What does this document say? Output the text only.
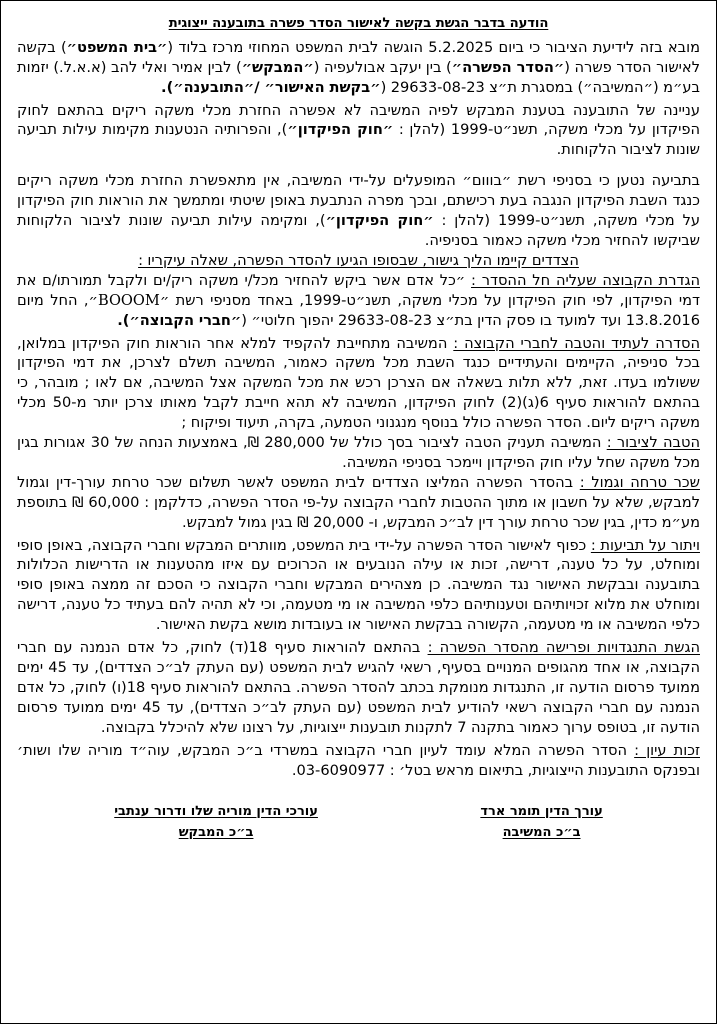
הודעה בדבר הגשת בקשה לאישור הסדר פשרה בתובענה ייצוגית
מובא בזה לידיעת הציבור כי ביום 5.2.2025 הוגשה לבית המשפט המחוזי מרכז בלוד (״בית המשפט״) בקשה לאישור הסדר פשרה (״הסדר הפשרה״) בין יעקב אבולעפיה (״המבקש״) לבין אמיר ואלי להב (א.א.ל.) יזמות בע״מ (״המשיבה״) במסגרת ת״צ 29633-08-23 (״בקשת האישור״ /״התובענה״).
עניינה של התובענה בטענת המבקש לפיה המשיבה לא אפשרה החזרת מכלי משקה ריקים בהתאם לחוק הפיקדון על מכלי משקה, תשנ״ט-1999 (להלן : ״חוק הפיקדון״), והפרותיה הנטענות מקימות עילות תביעה שונות לציבור הלקוחות.
בתביעה נטען כי בסניפי רשת ״בווום״ המופעלים על-ידי המשיבה, אין מתאפשרת החזרת מכלי משקה ריקים כנגד השבת הפיקדון הנגבה בעת רכישתם, ובכך מפרה הנתבעת באופן שיטתי ומתמשך את הוראות חוק הפיקדון על מכלי משקה, תשנ״ט-1999 (להלן : ״חוק הפיקדון״), ומקימה עילות תביעה שונות לציבור הלקוחות שביקשו להחזיר מכלי משקה כאמור בסניפיה.
הצדדים קיימו הליך גישור, שבסופו הגיעו להסדר הפשרה, שאלה עיקריו :
הגדרת הקבוצה שעליה חל ההסדר : ״כל אדם אשר ביקש להחזיר מכל/י משקה ריק/ים ולקבל תמורתו/ם את דמי הפיקדון, לפי חוק הפיקדון על מכלי משקה, תשנ״ט-1999, באחד מסניפי רשת ״BOOOM״, החל מיום 13.8.2016 ועד למועד בו פסק הדין בת״צ 29633-08-23 יהפוך חלוטי״ (״חברי הקבוצה״).
הסדרה לעתיד והטבה לחברי הקבוצה : המשיבה מתחייבת להקפיד למלא אחר הוראות חוק הפיקדון במלואן, בכל סניפיה, הקיימים והעתידיים כנגד השבת מכל משקה כאמור, המשיבה תשלם לצרכן, את דמי הפיקדון ששולמו בעדו. זאת, ללא תלות בשאלה אם הצרכן רכש את מכל המשקה אצל המשיבה, אם לאו ; מובהר, כי בהתאם להוראות סעיף 6(ג)(2) לחוק הפיקדון, המשיבה לא תהא חייבת לקבל מאותו צרכן יותר מ-50 מכלי משקה ריקים ליום. הסדר הפשרה כולל בנוסף מנגנוני הטמעה, בקרה, תיעוד ופיקוח ;
הטבה לציבור : המשיבה תעניק הטבה לציבור בסך כולל של 280,000 ₪, באמצעות הנחה של 30 אגורות בגין מכל משקה שחל עליו חוק הפיקדון ויימכר בסניפי המשיבה.
שכר טרחה וגמול : בהסדר הפשרה המליצו הצדדים לבית המשפט לאשר תשלום שכר טרחת עורך-דין וגמול למבקש, שלא על חשבון או מתוך ההטבות לחברי הקבוצה על-פי הסדר הפשרה, כדלקמן : 60,000 ₪ בתוספת מע״מ כדין, בגין שכר טרחת עורך דין לב״כ המבקש, ו- 20,000 ₪ בגין גמול למבקש.
ויתור על תביעות : כפוף לאישור הסדר הפשרה על-ידי בית המשפט, מוותרים המבקש וחברי הקבוצה, באופן סופי ומוחלט, על כל טענה, דרישה, זכות או עילה הנובעים או הכרוכים עם איזו מהטענות או הדרישות הכלולות בתובענה ובבקשת האישור נגד המשיבה. כן מצהירים המבקש וחברי הקבוצה כי הסכם זה ממצה באופן סופי ומוחלט את מלוא זכויותיהם וטענותיהם כלפי המשיבה או מי מטעמה, וכי לא תהיה להם בעתיד כל טענה, דרישה כלפי המשיבה או מי מטעמה, הקשורה בבקשת האישור או בעובדות מושא בקשת האישור.
הגשת התנגדויות ופרישה מהסדר הפשרה : בהתאם להוראות סעיף 18(ד) לחוק, כל אדם הנמנה עם חברי הקבוצה, או אחד מהגופים המנויים בסעיף, רשאי להגיש לבית המשפט (עם העתק לב״כ הצדדים), עד 45 ימים ממועד פרסום הודעה זו, התנגדות מנומקת בכתב להסדר הפשרה. בהתאם להוראות סעיף 18(ו) לחוק, כל אדם הנמנה עם חברי הקבוצה רשאי להודיע לבית המשפט (עם העתק לב״כ הצדדים), עד 45 ימים ממועד פרסום הודעה זו, בטופס ערוך כאמור בתקנה 7 לתקנות תובענות ייצוגיות, על רצונו שלא להיכלל בקבוצה.
זכות עיון : הסדר הפשרה המלא עומד לעיון חברי הקבוצה במשרדי ב״כ המבקש, עוה״ד מוריה שלו ושות׳ ובפנקס התובענות הייצוגיות, בתיאום מראש בטל׳ : 03-6090977.
עורך הדין תומר ארד
ב״כ המשיבה
עורכי הדין מוריה שלו ודרור ענתבי
ב״כ המבקש
